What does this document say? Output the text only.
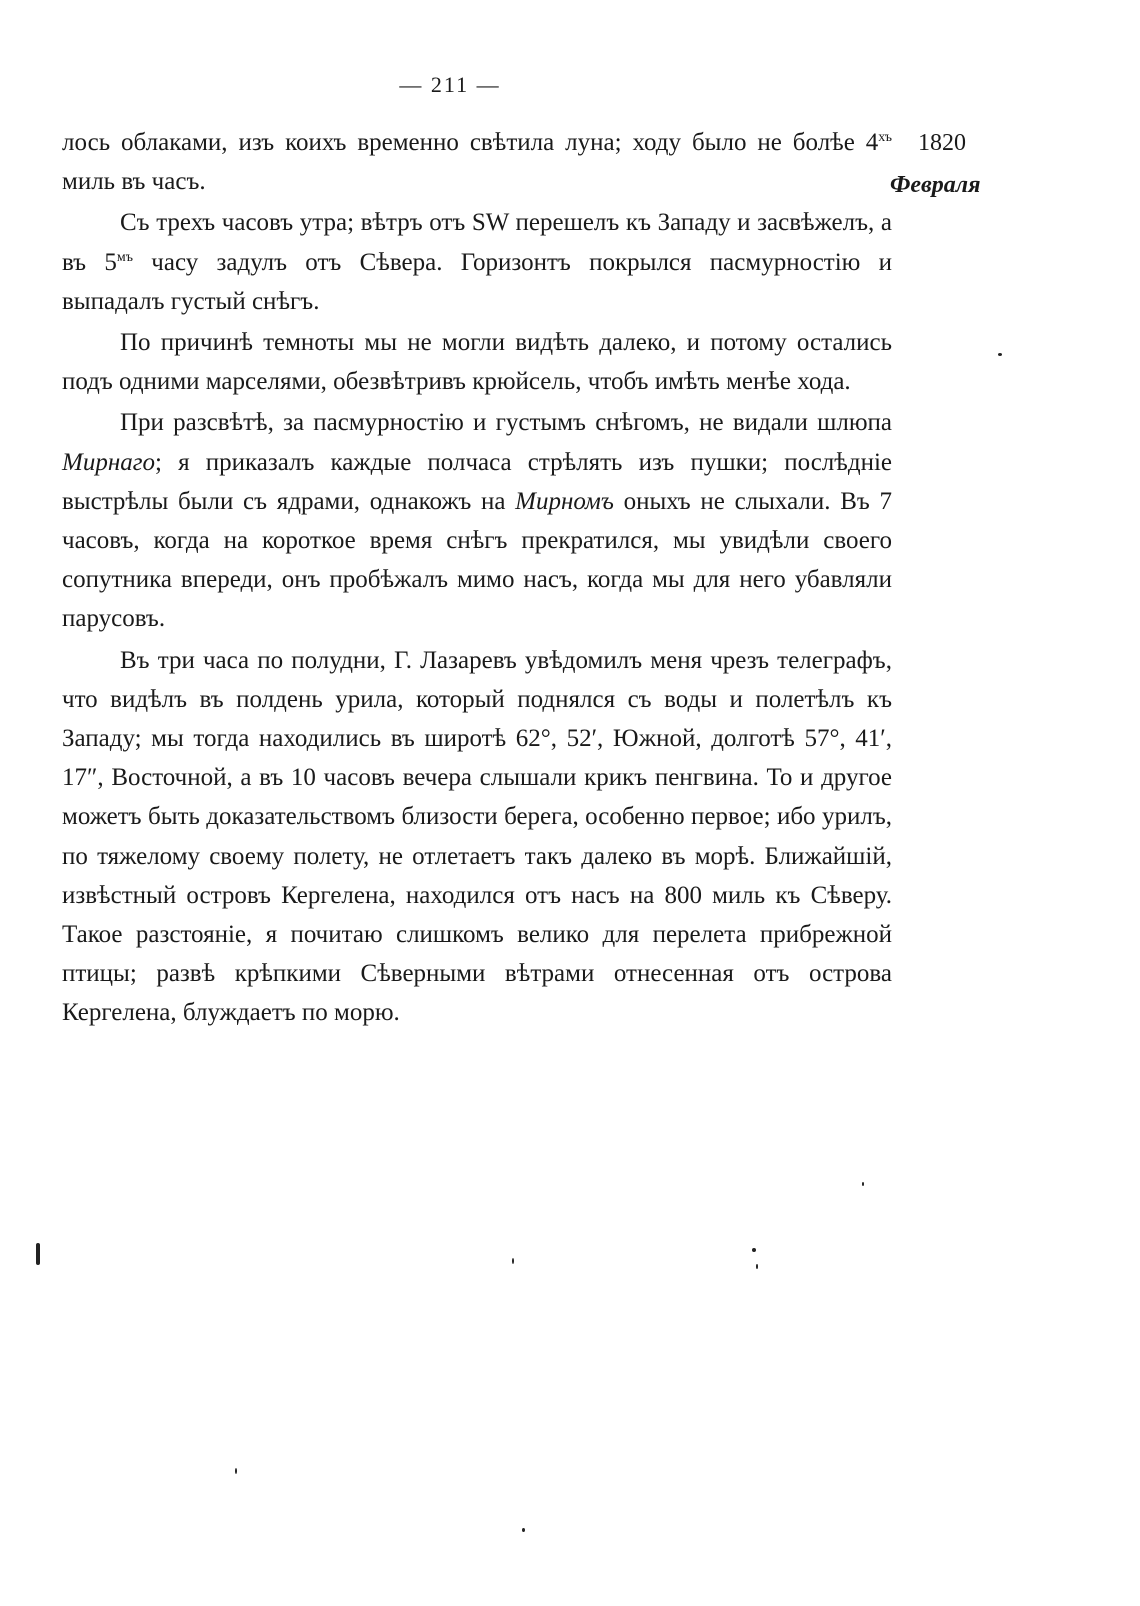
— 211 —
1820
Февраля

лось облаками, изъ коихъ временно свѣтила луна; ходу было не болѣе $4^{хъ}$ миль въ часъ.

Съ трехъ часовъ утра; вѣтръ отъ SW перешелъ къ Западу и засвѣжелъ, а въ $5^{мъ}$ часу задулъ отъ Сѣвера. Горизонтъ покрылся пасмурностію и выпадалъ густый снѣгъ.

По причинѣ темноты мы не могли видѣть далеко, и потому остались подъ одними марселями, обезвѣтривъ крюйсель, чтобъ имѣть менѣе хода.

При разсвѣтѣ, за пасмурностію и густымъ снѣгомъ, не видали шлюпа Мирнаго; я приказалъ каждые полчаса стрѣлять изъ пушки; послѣдніе выстрѣлы были съ ядрами, однакожъ на Мирномъ оныхъ не слыхали. Въ 7 часовъ, когда на короткое время снѣгъ прекратился, мы увидѣли своего сопутника впереди, онъ пробѣжалъ мимо насъ, когда мы для него убавляли парусовъ.

Въ три часа по полудни, Г. Лазаревъ увѣдомилъ меня чрезъ телеграфъ, что видѣлъ въ полдень урила, который поднялся съ воды и полетѣлъ къ Западу; мы тогда находились въ широтѣ 62°, 52′, Южной, долготѣ 57°, 41′, 17″, Восточной, а въ 10 часовъ вечера слышали крикъ пенгвина. То и другое можетъ быть доказательствомъ близости берега, особенно первое; ибо урилъ, по тяжелому своему полету, не отлетаетъ такъ далеко въ морѣ. Ближайшій, извѣстный островъ Кергелена, находился отъ насъ на 800 миль къ Сѣверу. Такое разстояніе, я почитаю слишкомъ велико для перелета прибрежной птицы; развѣ крѣпкими Сѣверными вѣтрами отнесенная отъ острова Кергелена, блуждаетъ по морю.
